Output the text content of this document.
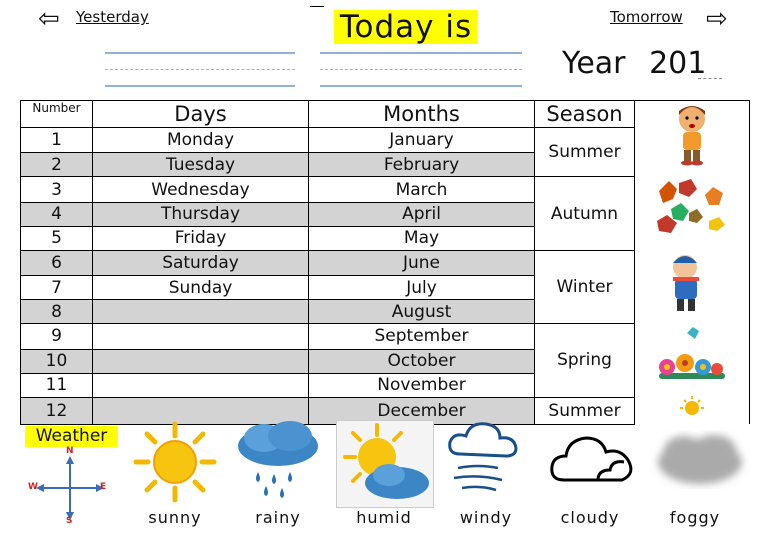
⇦ Yesterday	Tomorrow ⇨
Today is
Year 201
Number	Days	Months	Season	
1	Monday	January	Summer	
2	Tuesday	February		
3	Wednesday	March	Autumn	
4	Thursday	April		
5	Friday	May		
6	Saturday	June	Winter	
7	Sunday	July		
8		August		
9		September	Spring	
10		October		
11		November		
12		December	Summer	
Weather
N
S
W	E
sunny	rainy	humid	windy	cloudy	foggy
